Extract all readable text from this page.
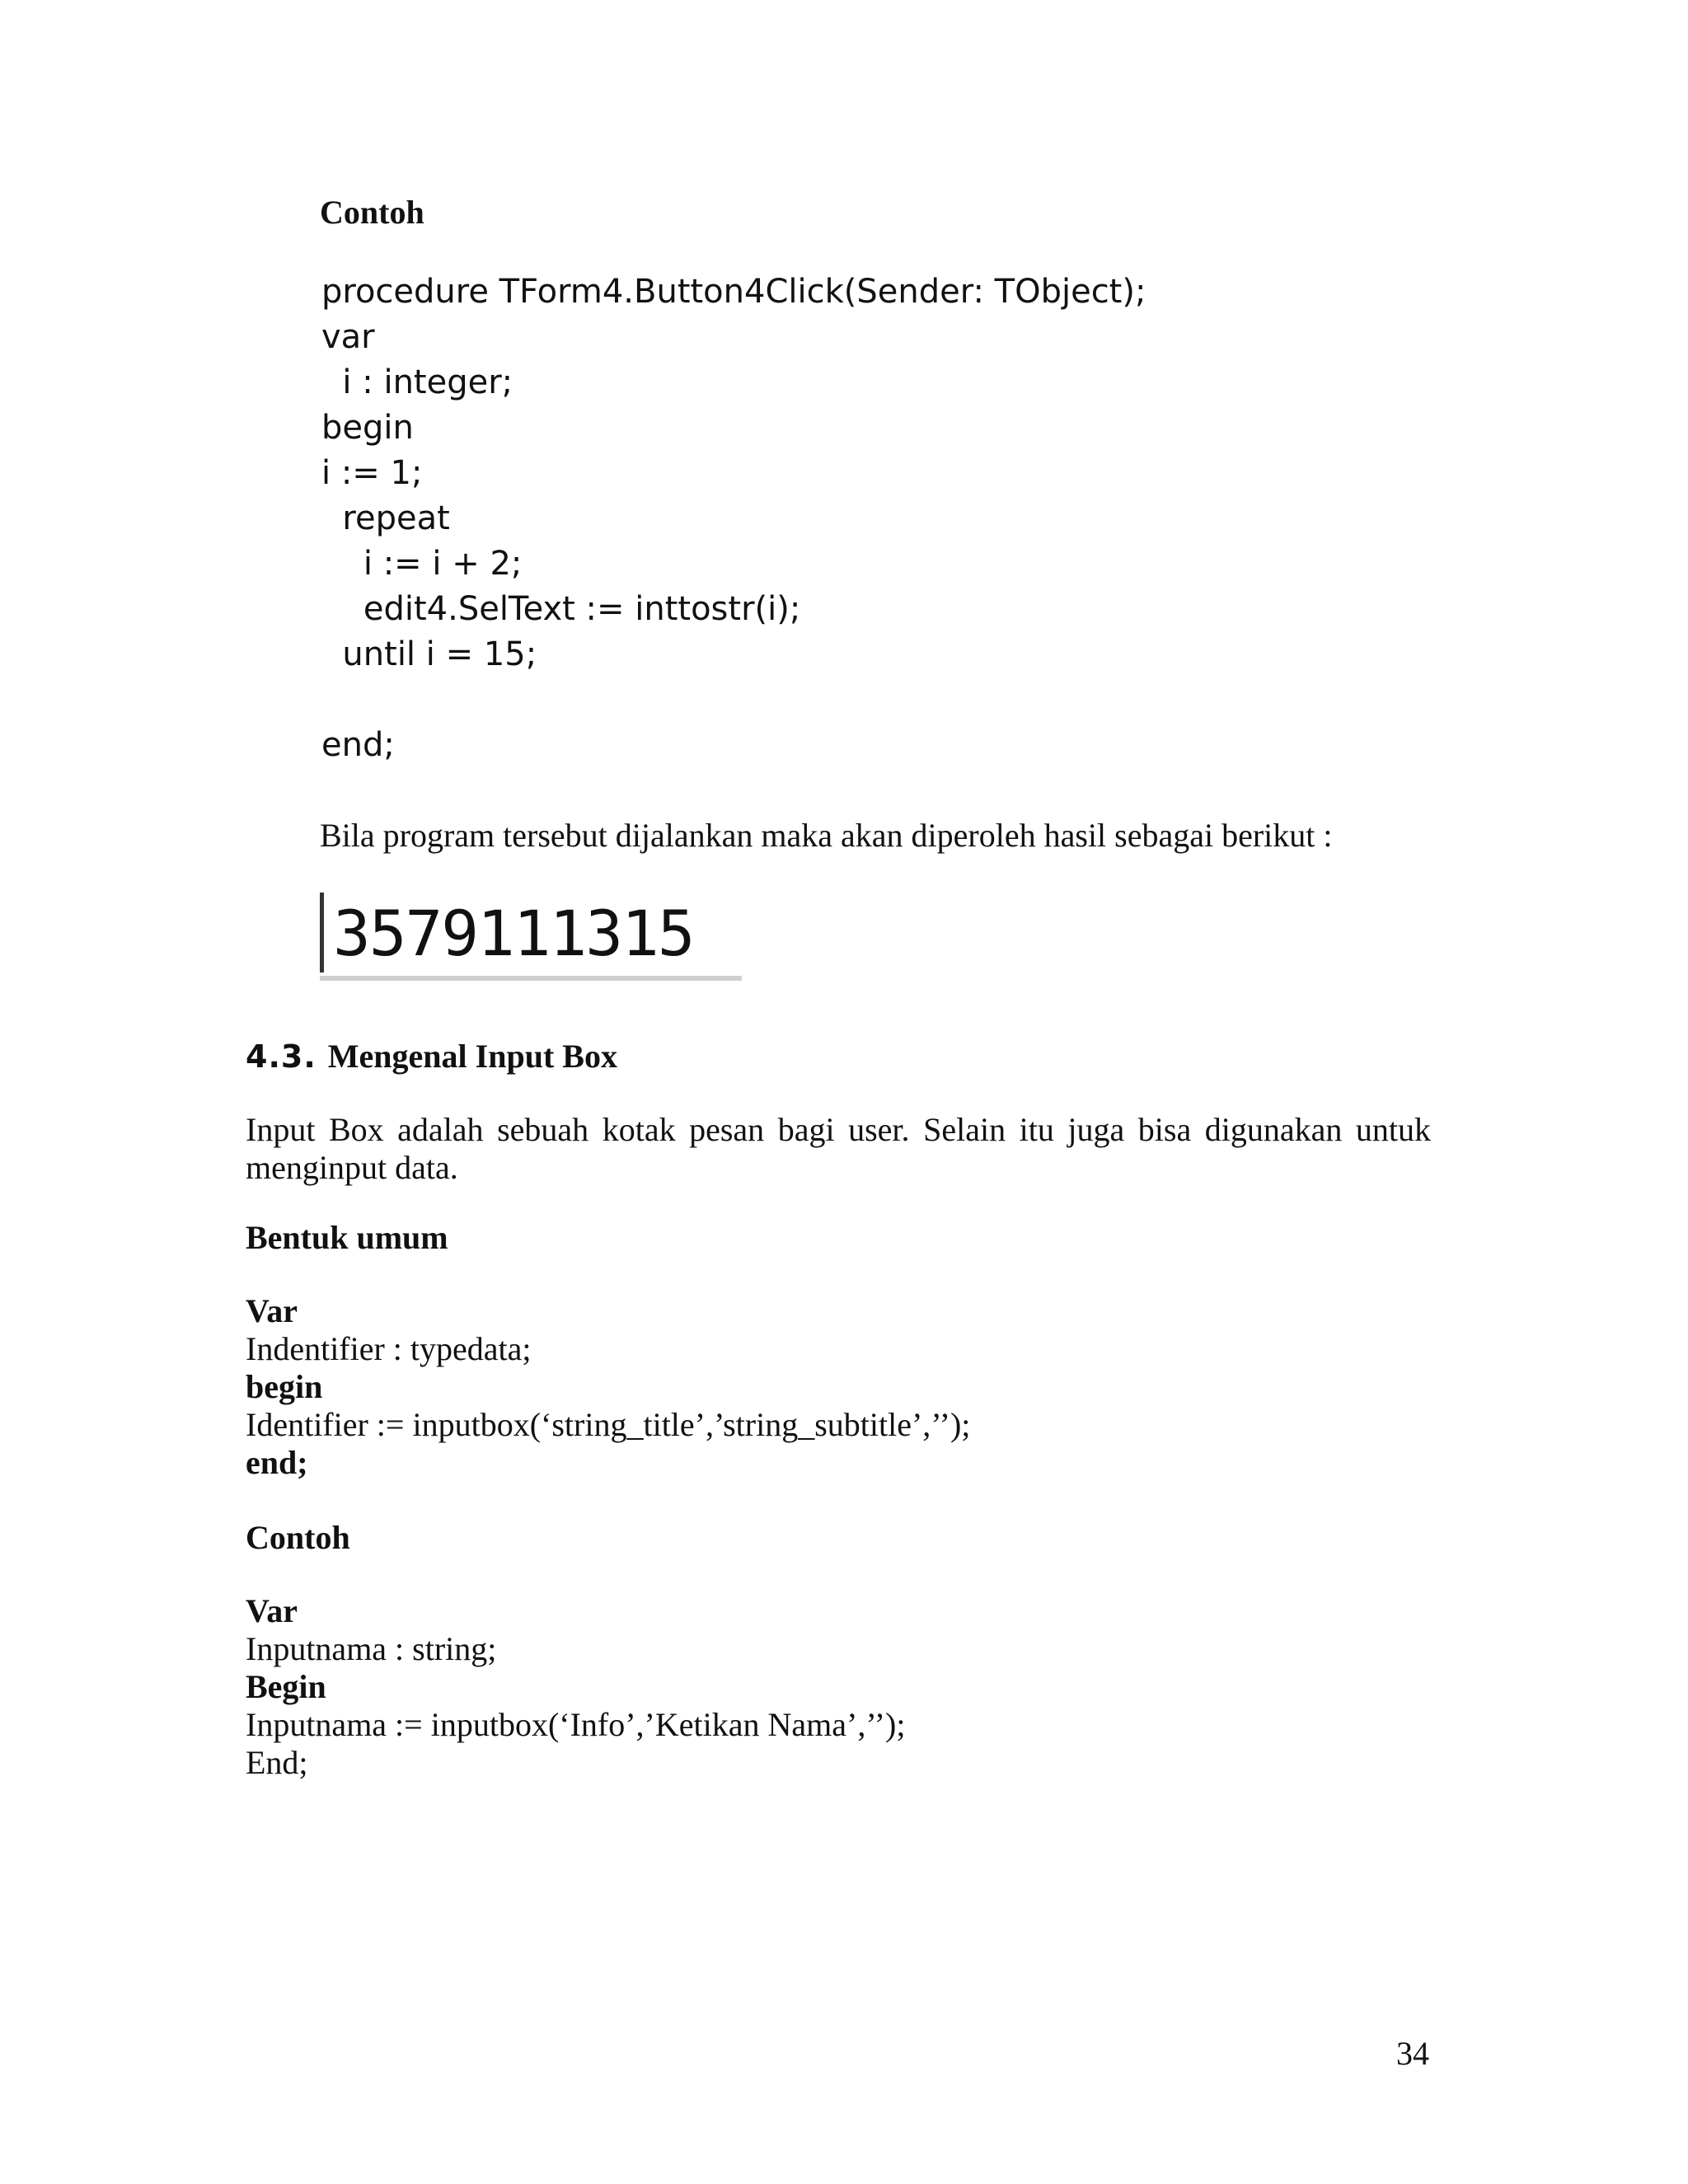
Contoh
procedure TForm4.Button4Click(Sender: TObject);
var
i : integer;
begin
i := 1;
repeat
i := i + 2;
edit4.SelText := inttostr(i);
until i = 15;
end;
Bila program tersebut dijalankan maka akan diperoleh hasil sebagai berikut :
3579111315
4.3. Mengenal Input Box
Input Box adalah sebuah kotak pesan bagi user. Selain itu juga bisa digunakan untuk menginput data.
Bentuk umum
Var
Indentifier : typedata;
begin
Identifier := inputbox(‘string_title’,’string_subtitle’,’’);
end;
Contoh
Var
Inputnama : string;
Begin
Inputnama := inputbox(‘Info’,’Ketikan Nama’,’’);
End;
34
